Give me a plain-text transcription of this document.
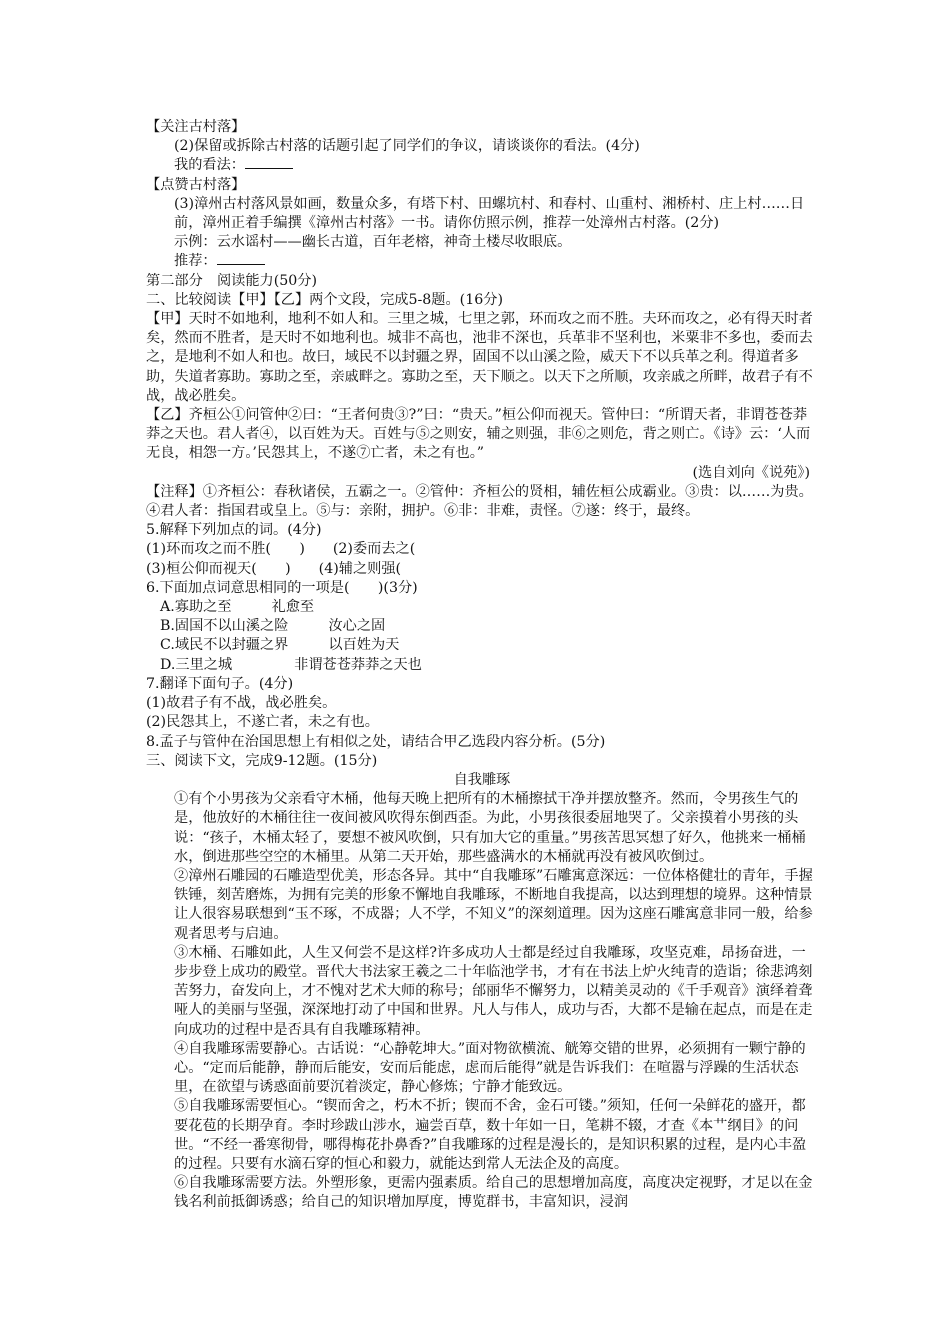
【关注古村落】

(2)保留或拆除古村落的话题引起了同学们的争议，请谈谈你的看法。(4分)

我的看法：

【点赞古村落】

(3)漳州古村落风景如画，数量众多，有塔下村、田螺坑村、和春村、山重村、湘桥村、庄上村……日前，漳州正着手编撰《漳州古村落》一书。请你仿照示例，推荐一处漳州古村落。(2分)

示例：云水谣村——幽长古道，百年老榕，神奇土楼尽收眼底。

推荐：

第二部分　阅读能力(50分)

二、比较阅读【甲】【乙】两个文段，完成5-8题。(16分)

【甲】天时不如地利，地利不如人和。三里之城，七里之郭，环而攻之而不胜。夫环而攻之，必有得天时者矣，然而不胜者，是天时不如地利也。城非不高也，池非不深也，兵革非不坚利也，米粟非不多也，委而去之，是地利不如人和也。故曰，域民不以封疆之界，固国不以山溪之险，威天下不以兵革之利。得道者多助，失道者寡助。寡助之至，亲戚畔之。寡助之至，天下顺之。以天下之所顺，攻亲戚之所畔，故君子有不战，战必胜矣。

【乙】齐桓公①问管仲②曰：“王者何贵③?”曰：“贵天。”桓公仰而视天。管仲曰：“所谓天者，非谓苍苍莽莽之天也。君人者④，以百姓为天。百姓与⑤之则安，辅之则强，非⑥之则危，背之则亡。《诗》云：‘人而无良，相怨一方。’民怨其上，不遂⑦亡者，未之有也。”

(选自刘向《说苑》)

【注释】①齐桓公：春秋诸侯，五霸之一。②管仲：齐桓公的贤相，辅佐桓公成霸业。③贵：以……为贵。④君人者：指国君或皇上。⑤与：亲附，拥护。⑥非：非难，责怪。⑦遂：终于，最终。

5.解释下列加点的词。(4分)

(1)环而攻之而不胜(　　) (2)委而去之(

(3)桓公仰而视天(　　) (4)辅之则强(

6.下面加点词意思相同的一项是(　　)(3分)

A.寡助之至	礼愈至

B.固国不以山溪之险	汝心之固

C.域民不以封疆之界	以百姓为天

D.三里之城	非谓苍苍莽莽之天也

7.翻译下面句子。(4分)

(1)故君子有不战，战必胜矣。

(2)民怨其上，不遂亡者，未之有也。

8.孟子与管仲在治国思想上有相似之处，请结合甲乙选段内容分析。(5分)

三、阅读下文，完成9-12题。(15分)

自我雕琢

①有个小男孩为父亲看守木桶，他每天晚上把所有的木桶擦拭干净并摆放整齐。然而，令男孩生气的是，他放好的木桶往往一夜间被风吹得东倒西歪。为此，小男孩很委屈地哭了。父亲摸着小男孩的头说：“孩子，木桶太轻了，要想不被风吹倒，只有加大它的重量。”男孩苦思冥想了好久，他挑来一桶桶水，倒进那些空空的木桶里。从第二天开始，那些盛满水的木桶就再没有被风吹倒过。

②漳州石雕园的石雕造型优美，形态各异。其中“自我雕琢”石雕寓意深远：一位体格健壮的青年，手握铁锤，刻苦磨炼，为拥有完美的形象不懈地自我雕琢，不断地自我提高，以达到理想的境界。这种情景让人很容易联想到“玉不琢，不成器；人不学，不知义”的深刻道理。因为这座石雕寓意非同一般，给参观者思考与启迪。

③木桶、石雕如此，人生又何尝不是这样?许多成功人士都是经过自我雕琢，攻坚克难，昂扬奋进，一步步登上成功的殿堂。晋代大书法家王羲之二十年临池学书，才有在书法上炉火纯青的造诣；徐悲鸿刻苦努力，奋发向上，才不愧对艺术大师的称号；邰丽华不懈努力，以精美灵动的《千手观音》演绎着聋哑人的美丽与坚强，深深地打动了中国和世界。凡人与伟人，成功与否，大都不是输在起点，而是在走向成功的过程中是否具有自我雕琢精神。

④自我雕琢需要静心。古话说：“心静乾坤大。”面对物欲横流、觥筹交错的世界，必须拥有一颗宁静的心。“定而后能静，静而后能安，安而后能虑，虑而后能得”就是告诉我们：在喧嚣与浮躁的生活状态里，在欲望与诱惑面前要沉着淡定，静心修炼；宁静才能致远。

⑤自我雕琢需要恒心。“锲而舍之，朽木不折；锲而不舍，金石可镂。”须知，任何一朵鲜花的盛开，都要花苞的长期孕育。李时珍跋山涉水，遍尝百草，数十年如一日，笔耕不辍，才查《本艹纲目》的问世。“不经一番寒彻骨，哪得梅花扑鼻香?”自我雕琢的过程是漫长的，是知识积累的过程，是内心丰盈的过程。只要有水滴石穿的恒心和毅力，就能达到常人无法企及的高度。

⑥自我雕琢需要方法。外塑形象，更需内强素质。给自己的思想增加高度，高度决定视野，才足以在金钱名利前抵御诱惑；给自己的知识增加厚度，博览群书，丰富知识，浸润
